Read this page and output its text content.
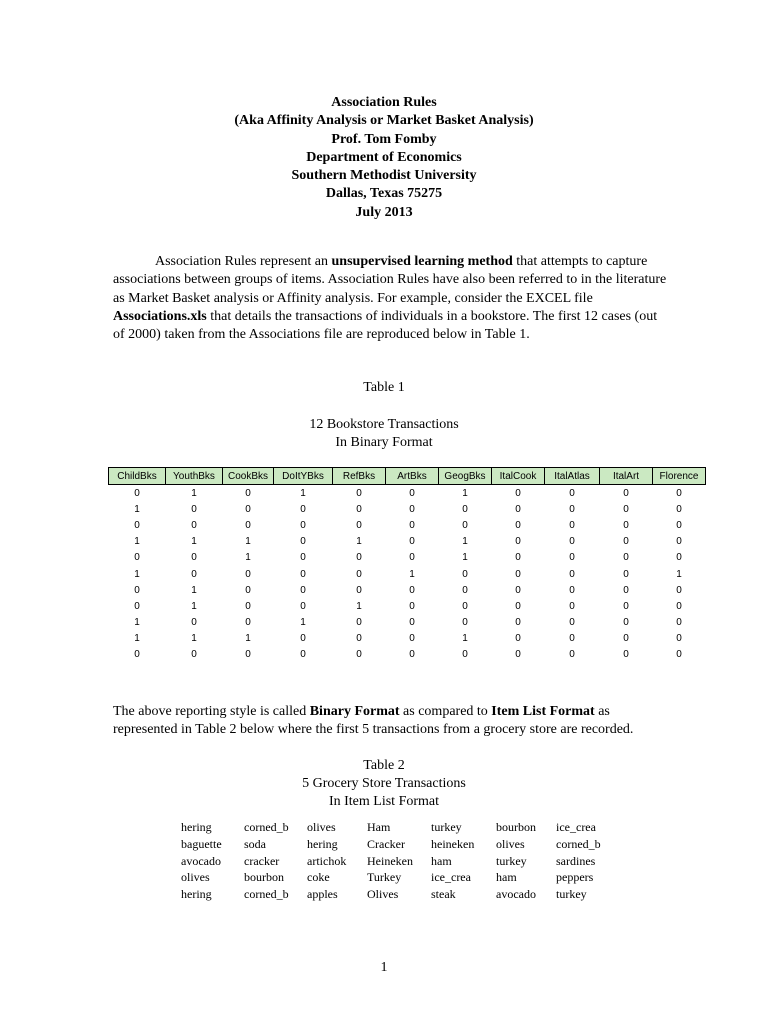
Association Rules
(Aka Affinity Analysis or Market Basket Analysis)
Prof. Tom Fomby
Department of Economics
Southern Methodist University
Dallas, Texas 75275
July 2013
Association Rules represent an unsupervised learning method that attempts to capture associations between groups of items. Association Rules have also been referred to in the literature as Market Basket analysis or Affinity analysis. For example, consider the EXCEL file Associations.xls that details the transactions of individuals in a bookstore. The first 12 cases (out of 2000) taken from the Associations file are reproduced below in Table 1.
Table 1
12 Bookstore Transactions
In Binary Format
ChildBks	YouthBks	CookBks	DoItYBks	RefBks	ArtBks	GeogBks	ItalCook	ItalAtlas	ItalArt	Florence
0	1	0	1	0	0	1	0	0	0	0
1	0	0	0	0	0	0	0	0	0	0
0	0	0	0	0	0	0	0	0	0	0
1	1	1	0	1	0	1	0	0	0	0
0	0	1	0	0	0	1	0	0	0	0
1	0	0	0	0	1	0	0	0	0	1
0	1	0	0	0	0	0	0	0	0	0
0	1	0	0	1	0	0	0	0	0	0
1	0	0	1	0	0	0	0	0	0	0
1	1	1	0	0	0	1	0	0	0	0
0	0	0	0	0	0	0	0	0	0	0
The above reporting style is called Binary Format as compared to Item List Format as represented in Table 2 below where the first 5 transactions from a grocery store are recorded.
Table 2
5 Grocery Store Transactions
In Item List Format
hering	corned_b	olives	Ham	turkey	bourbon	ice_crea
baguette	soda	hering	Cracker	heineken	olives	corned_b
avocado	cracker	artichok	Heineken	ham	turkey	sardines
olives	bourbon	coke	Turkey	ice_crea	ham	peppers
hering	corned_b	apples	Olives	steak	avocado	turkey
1
